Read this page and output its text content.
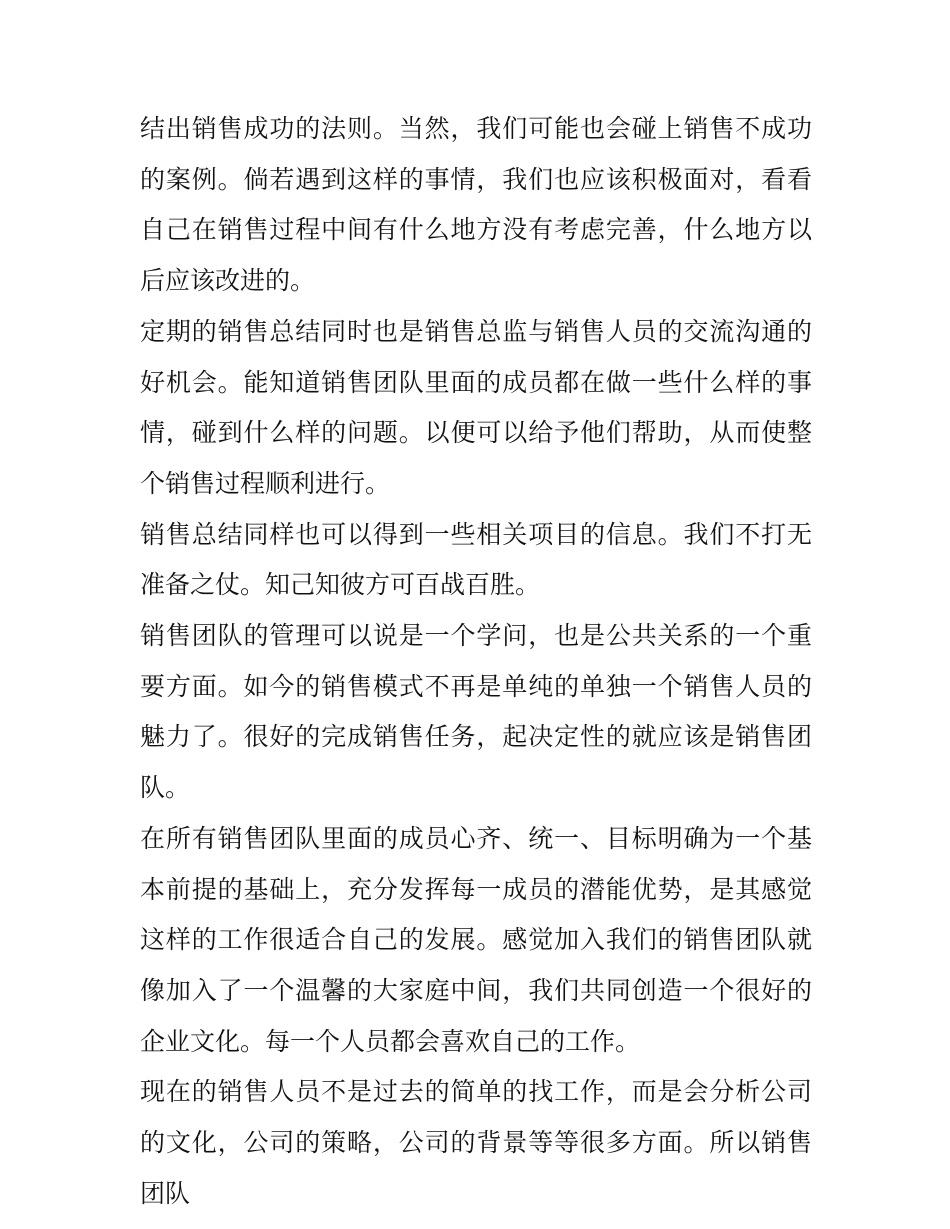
结出销售成功的法则。当然，我们可能也会碰上销售不成功的案例。倘若遇到这样的事情，我们也应该积极面对，看看自己在销售过程中间有什么地方没有考虑完善，什么地方以后应该改进的。

定期的销售总结同时也是销售总监与销售人员的交流沟通的好机会。能知道销售团队里面的成员都在做一些什么样的事情，碰到什么样的问题。以便可以给予他们帮助，从而使整个销售过程顺利进行。

销售总结同样也可以得到一些相关项目的信息。我们不打无准备之仗。知己知彼方可百战百胜。

销售团队的管理可以说是一个学问，也是公共关系的一个重要方面。如今的销售模式不再是单纯的单独一个销售人员的魅力了。很好的完成销售任务，起决定性的就应该是销售团队。

在所有销售团队里面的成员心齐、统一、目标明确为一个基本前提的基础上，充分发挥每一成员的潜能优势，是其感觉这样的工作很适合自己的发展。感觉加入我们的销售团队就像加入了一个温馨的大家庭中间，我们共同创造一个很好的企业文化。每一个人员都会喜欢自己的工作。

现在的销售人员不是过去的简单的找工作，而是会分析公司的文化，公司的策略，公司的背景等等很多方面。所以销售团队
